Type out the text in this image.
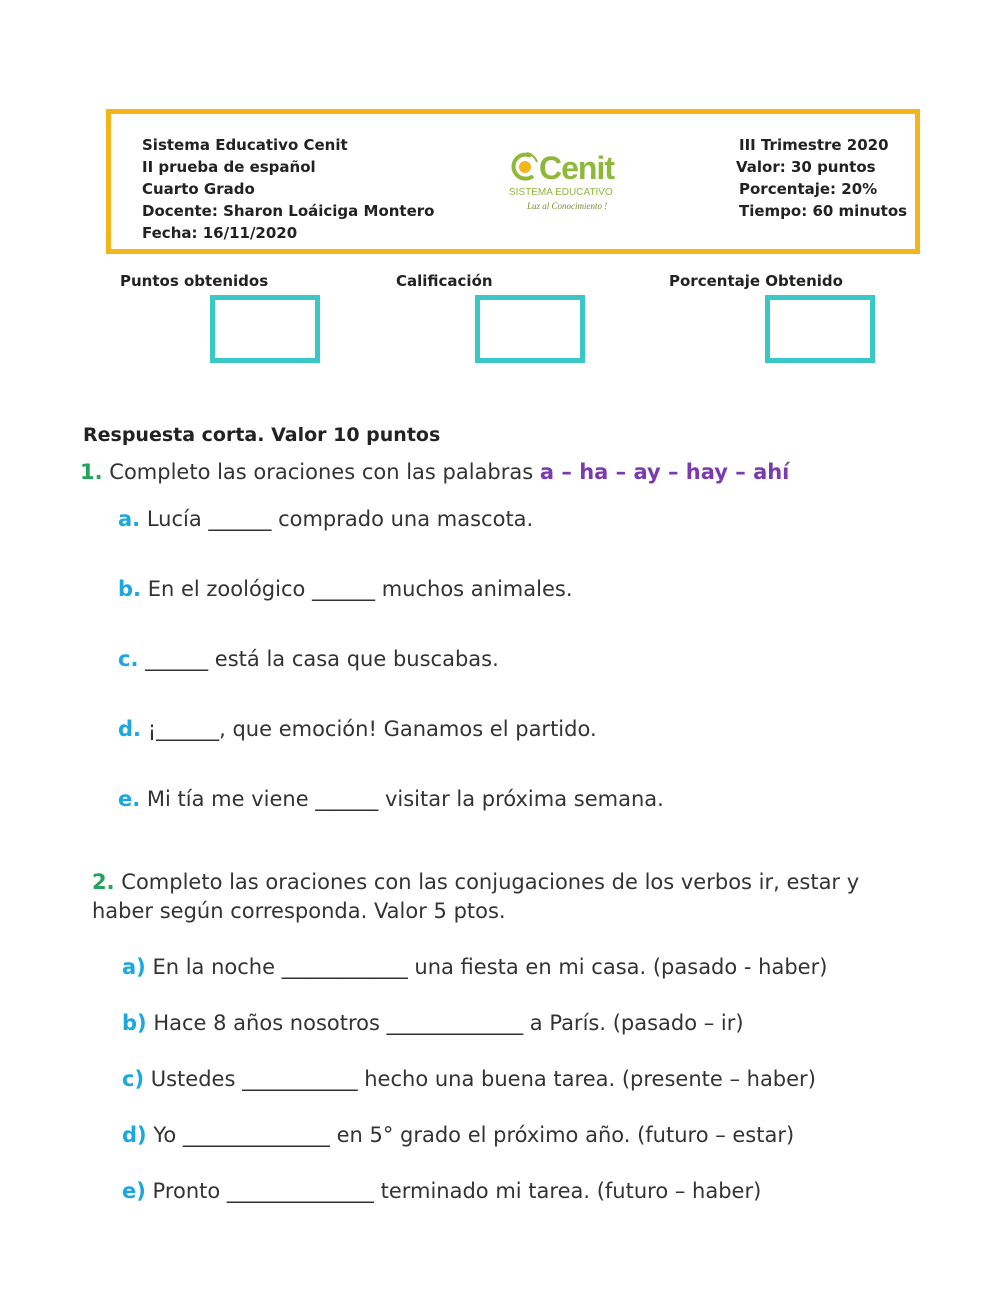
Sistema Educativo Cenit
II prueba de español
Cuarto Grado
Docente: Sharon Loáiciga Montero
Fecha: 16/11/2020
Cenit
SISTEMA EDUCATIVO
Luz al Conocimiento !
III Trimestre 2020
Valor: 30 puntos
Porcentaje: 20%
Tiempo: 60 minutos
Puntos obtenidos	Calificación	Porcentaje Obtenido
Respuesta corta. Valor 10 puntos
1. Completo las oraciones con las palabras a – ha – ay – hay – ahí
a. Lucía ______ comprado una mascota.
b. En el zoológico ______ muchos animales.
c. ______ está la casa que buscabas.
d. ¡______, que emoción! Ganamos el partido.
e. Mi tía me viene ______ visitar la próxima semana.
2. Completo las oraciones con las conjugaciones de los verbos ir, estar y
haber según corresponda. Valor 5 ptos.
a) En la noche ____________ una fiesta en mi casa. (pasado - haber)
b) Hace 8 años nosotros _____________ a París. (pasado – ir)
c) Ustedes ___________ hecho una buena tarea. (presente – haber)
d) Yo ______________ en 5° grado el próximo año. (futuro – estar)
e) Pronto ______________ terminado mi tarea. (futuro – haber)
